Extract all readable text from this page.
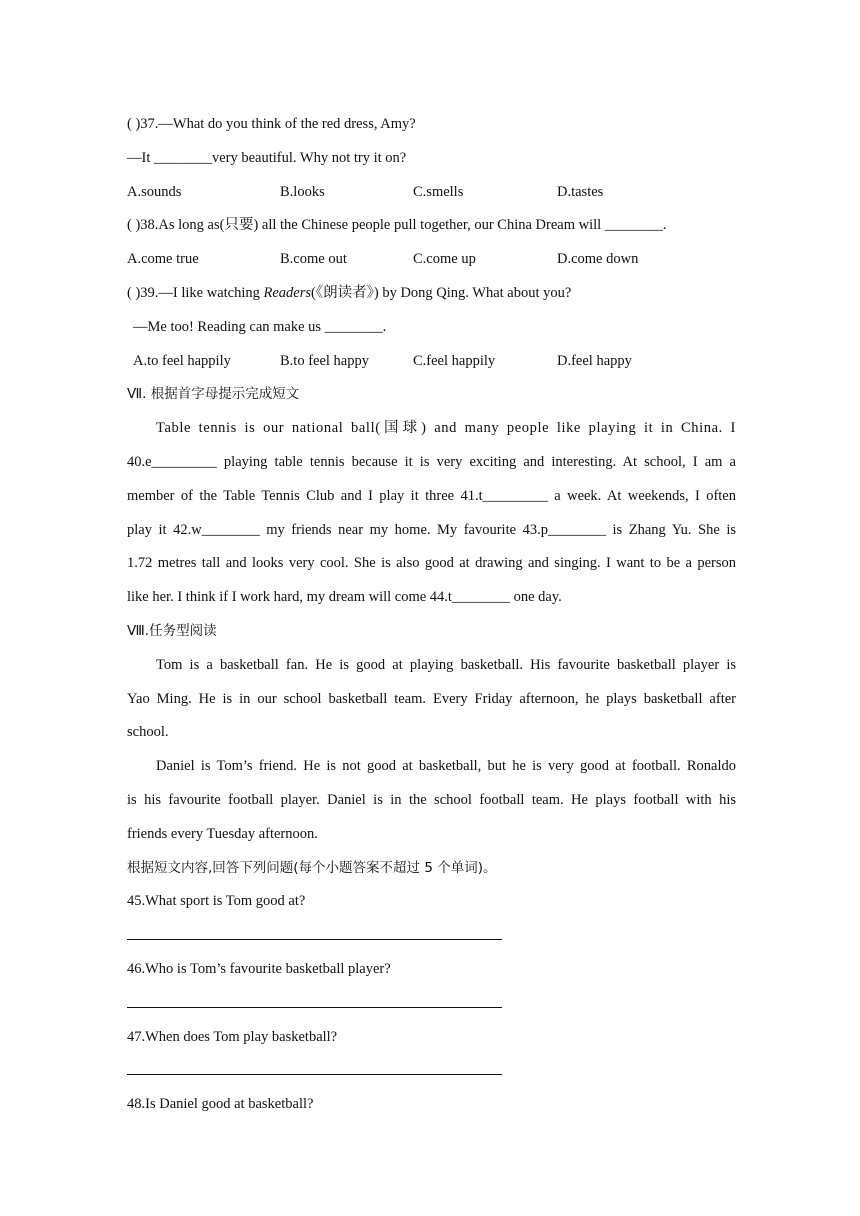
( )37.—What do you think of the red dress, Amy?
—It ________very beautiful. Why not try it on?
A.sounds	B.looks	C.smells	D.tastes
( )38.As long as(只要) all the Chinese people pull together, our China Dream will ________.
A.come true	B.come out	C.come up	D.come down
( )39.—I like watching Readers(《朗读者》) by Dong Qing. What about you?
—Me too! Reading can make us ________.
A.to feel happily	B.to feel happy	C.feel happily	D.feel happy
Ⅶ. 根据首字母提示完成短文
Table tennis is our national ball(国球) and many people like playing it in China. I
40.e_________ playing table tennis because it is very exciting and interesting. At school, I am a
member of the Table Tennis Club and I play it three 41.t_________ a week. At weekends, I often
play it 42.w________ my friends near my home. My favourite 43.p________ is Zhang Yu. She is
1.72 metres tall and looks very cool. She is also good at drawing and singing. I want to be a person
like her. I think if I work hard, my dream will come 44.t________ one day.
Ⅷ.任务型阅读
Tom is a basketball fan. He is good at playing basketball. His favourite basketball player is
Yao Ming. He is in our school basketball team. Every Friday afternoon, he plays basketball after
school.
Daniel is Tom’s friend. He is not good at basketball, but he is very good at football. Ronaldo
is his favourite football player. Daniel is in the school football team. He plays football with his
friends every Tuesday afternoon.
根据短文内容,回答下列问题(每个小题答案不超过 5 个单词)。
45.What sport is Tom good at?
46.Who is Tom’s favourite basketball player?
47.When does Tom play basketball?
48.Is Daniel good at basketball?
